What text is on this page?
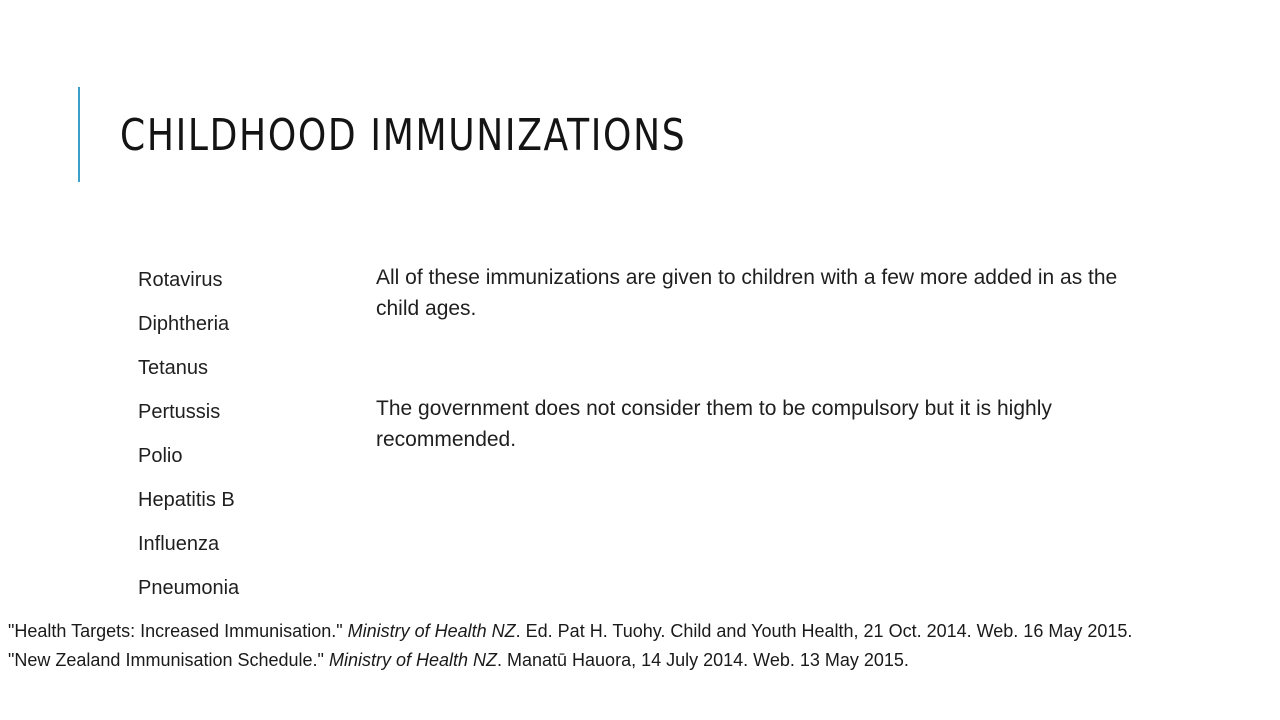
CHILDHOOD IMMUNIZATIONS
Rotavirus
Diphtheria
Tetanus
Pertussis
Polio
Hepatitis B
Influenza
Pneumonia

All of these immunizations are given to children with a few more added in as the child ages.

The government does not consider them to be compulsory but it is highly recommended.

"Health Targets: Increased Immunisation." Ministry of Health NZ. Ed. Pat H. Tuohy. Child and Youth Health, 21 Oct. 2014. Web. 16 May 2015.

"New Zealand Immunisation Schedule." Ministry of Health NZ. Manatū Hauora, 14 July 2014. Web. 13 May 2015.
